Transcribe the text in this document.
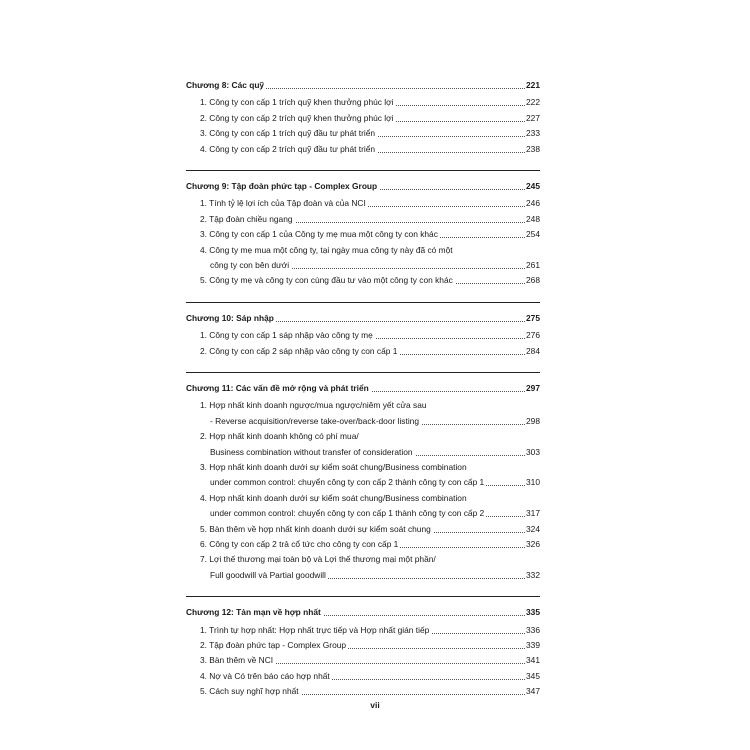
Chương 8: Các quỹ	221
1. Công ty con cấp 1 trích quỹ khen thưởng phúc lợi	222
2. Công ty con cấp 2 trích quỹ khen thưởng phúc lợi	227
3. Công ty con cấp 1 trích quỹ đầu tư phát triển	233
4. Công ty con cấp 2 trích quỹ đầu tư phát triển	238
Chương 9: Tập đoàn phức tạp - Complex Group	245
1. Tính tỷ lệ lợi ích của Tập đoàn và của NCI	246
2. Tập đoàn chiều ngang	248
3. Công ty con cấp 1 của Công ty mẹ mua một công ty con khác	254
4. Công ty mẹ mua một công ty, tại ngày mua công ty này đã có một
công ty con bên dưới	261
5. Công ty mẹ và công ty con cùng đầu tư vào một công ty con khác	268
Chương 10: Sáp nhập	275
1. Công ty con cấp 1 sáp nhập vào công ty mẹ	276
2. Công ty con cấp 2 sáp nhập vào công ty con cấp 1	284
Chương 11: Các vấn đề mở rộng và phát triển	297
1. Hợp nhất kinh doanh ngược/mua ngược/niêm yết cửa sau
- Reverse acquisition/reverse take-over/back-door listing	298
2. Hợp nhất kinh doanh không có phí mua/
Business combination without transfer of consideration	303
3. Hợp nhất kinh doanh dưới sự kiểm soát chung/Business combination
under common control: chuyển công ty con cấp 2 thành công ty con cấp 1	310
4. Hợp nhất kinh doanh dưới sự kiểm soát chung/Business combination
under common control: chuyển công ty con cấp 1 thành công ty con cấp 2	317
5. Bàn thêm về hợp nhất kinh doanh dưới sự kiểm soát chung	324
6. Công ty con cấp 2 trả cổ tức cho công ty con cấp 1	326
7. Lợi thế thương mại toàn bộ và Lợi thế thương mại một phần/
Full goodwill và Partial goodwill	332
Chương 12: Tản mạn về hợp nhất	335
1. Trình tự hợp nhất: Hợp nhất trực tiếp và Hợp nhất gián tiếp	336
2. Tập đoàn phức tạp - Complex Group	339
3. Bàn thêm về NCI	341
4. Nợ và Có trên báo cáo hợp nhất	345
5. Cách suy nghĩ hợp nhất	347
vii
